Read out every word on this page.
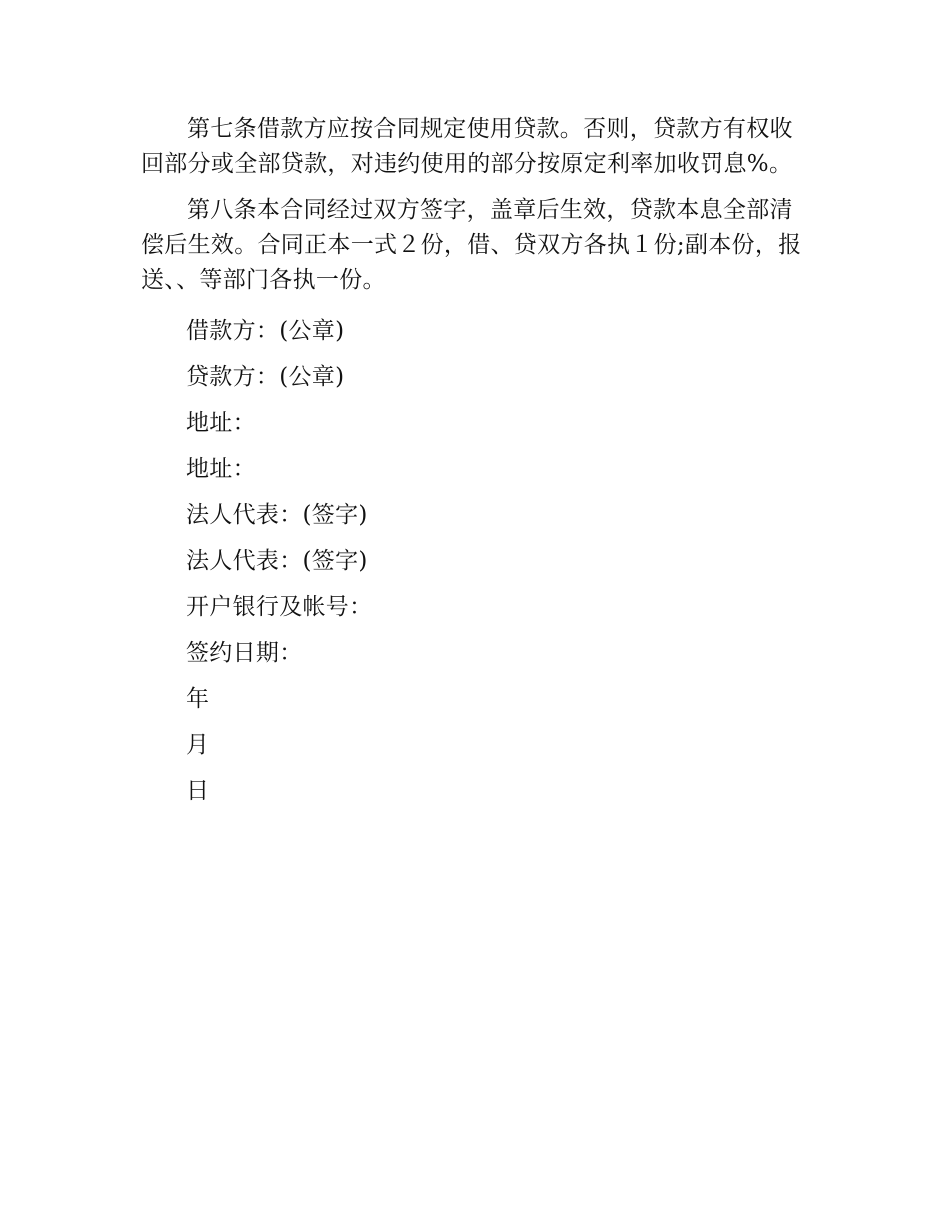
第七条借款方应按合同规定使用贷款。否则，贷款方有权收回部分或全部贷款，对违约使用的部分按原定利率加收罚息%。

第八条本合同经过双方签字，盖章后生效，贷款本息全部清偿后生效。合同正本一式２份，借、贷双方各执１份;副本份，报送、、等部门各执一份。

借款方：(公章)

贷款方：(公章)

地址：

地址：

法人代表：(签字)

法人代表：(签字)

开户银行及帐号：

签约日期：

年

月

日
